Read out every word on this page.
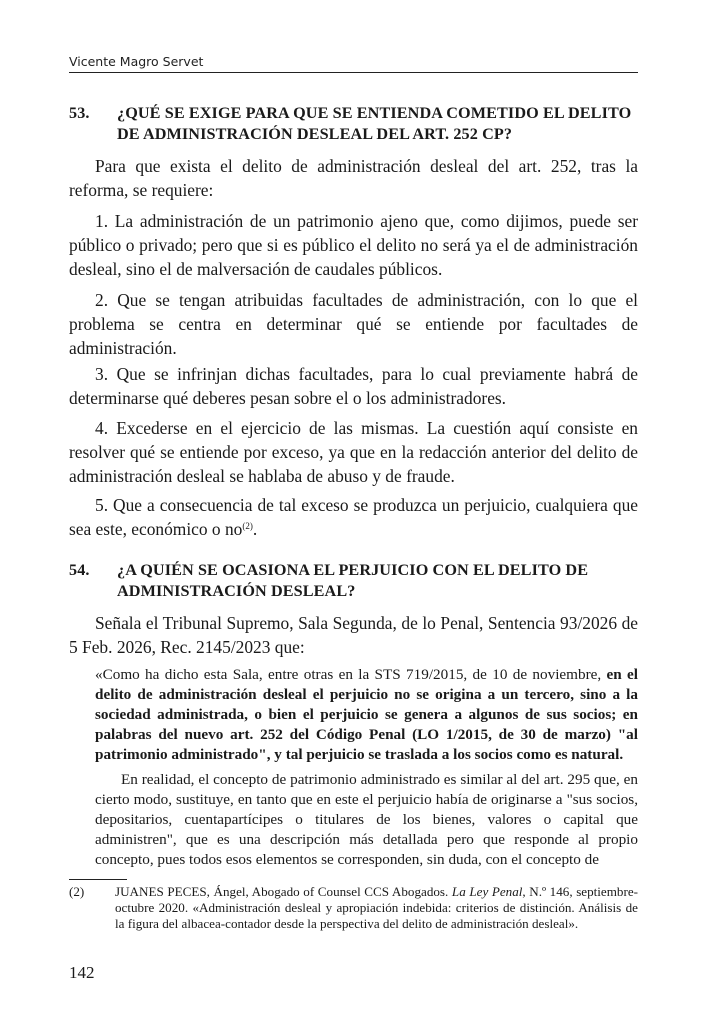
Vicente Magro Servet
53. ¿QUÉ SE EXIGE PARA QUE SE ENTIENDA COMETIDO EL DELITO DE ADMINISTRACIÓN DESLEAL DEL ART. 252 CP?

Para que exista el delito de administración desleal del art. 252, tras la reforma, se requiere:

1. La administración de un patrimonio ajeno que, como dijimos, puede ser público o privado; pero que si es público el delito no será ya el de administración desleal, sino el de malversación de caudales públicos.

2. Que se tengan atribuidas facultades de administración, con lo que el problema se centra en determinar qué se entiende por facultades de administración.

3. Que se infrinjan dichas facultades, para lo cual previamente habrá de determinarse qué deberes pesan sobre el o los administradores.

4. Excederse en el ejercicio de las mismas. La cuestión aquí consiste en resolver qué se entiende por exceso, ya que en la redacción anterior del delito de administración desleal se hablaba de abuso y de fraude.

5. Que a consecuencia de tal exceso se produzca un perjuicio, cualquiera que sea este, económico o $no^{(2)}$.

54. ¿A QUIÉN SE OCASIONA EL PERJUICIO CON EL DELITO DE ADMINISTRACIÓN DESLEAL?

Señala el Tribunal Supremo, Sala Segunda, de lo Penal, Sentencia 93/2026 de 5 Feb. 2026, Rec. 2145/2023 que:

«Como ha dicho esta Sala, entre otras en la STS 719/2015, de 10 de noviembre, en el delito de administración desleal el perjuicio no se origina a un tercero, sino a la sociedad administrada, o bien el perjuicio se genera a algunos de sus socios; en palabras del nuevo art. 252 del Código Penal (LO 1/2015, de 30 de marzo) "al patrimonio administrado", y tal perjuicio se traslada a los socios como es natural.

En realidad, el concepto de patrimonio administrado es similar al del art. 295 que, en cierto modo, sustituye, en tanto que en este el perjuicio había de originarse a "sus socios, depositarios, cuentapartícipes o titulares de los bienes, valores o capital que administren", que es una descripción más detallada pero que responde al propio concepto, pues todos esos elementos se corresponden, sin duda, con el concepto de

(2) JUANES PECES, Ángel, Abogado of Counsel CCS Abogados. La Ley Penal, N.º 146, septiembre-octubre 2020. «Administración desleal y apropiación indebida: criterios de distinción. Análisis de la figura del albacea-contador desde la perspectiva del delito de administración desleal».
142
